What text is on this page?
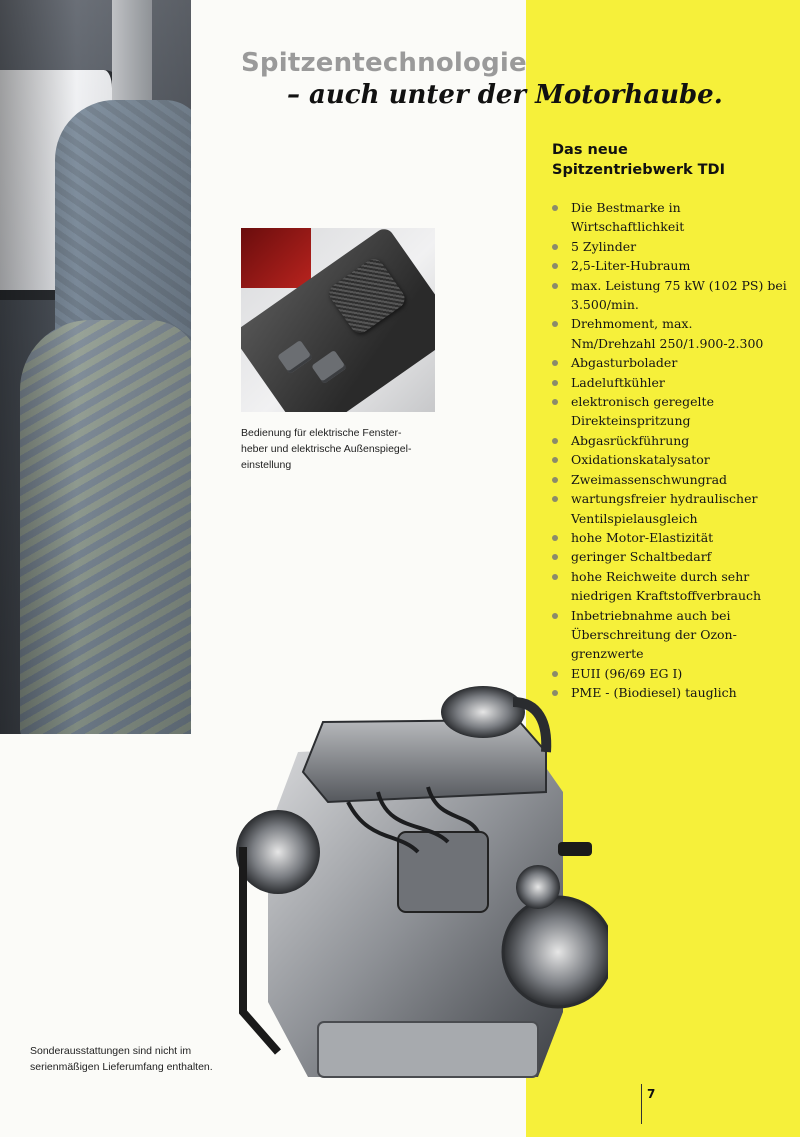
Spitzentechnologie
– auch unter der Motorhaube.

Bedienung für elektrische Fenster-
heber und elektrische Außenspiegel-
einstellung

Das neue
Spitzentriebwerk TDI
Die Bestmarke in
Wirtschaftlichkeit
5 Zylinder
2,5-Liter-Hubraum
max. Leistung 75 kW (102 PS) bei
3.500/min.
Drehmoment, max.
Nm/Drehzahl 250/1.900-2.300
Abgasturbolader
Ladeluftkühler
elektronisch geregelte
Direkteinspritzung
Abgasrückführung
Oxidationskatalysator
Zweimassenschwungrad
wartungsfreier hydraulischer
Ventilspielausgleich
hohe Motor-Elastizität
geringer Schaltbedarf
hohe Reichweite durch sehr
niedrigen Kraftstoffverbrauch
Inbetriebnahme auch bei
Überschreitung der Ozon-
grenzwerte
EUII (96/69 EG I)
PME - (Biodiesel) tauglich

Sonderausstattungen sind nicht im
serienmäßigen Lieferumfang enthalten.

7
